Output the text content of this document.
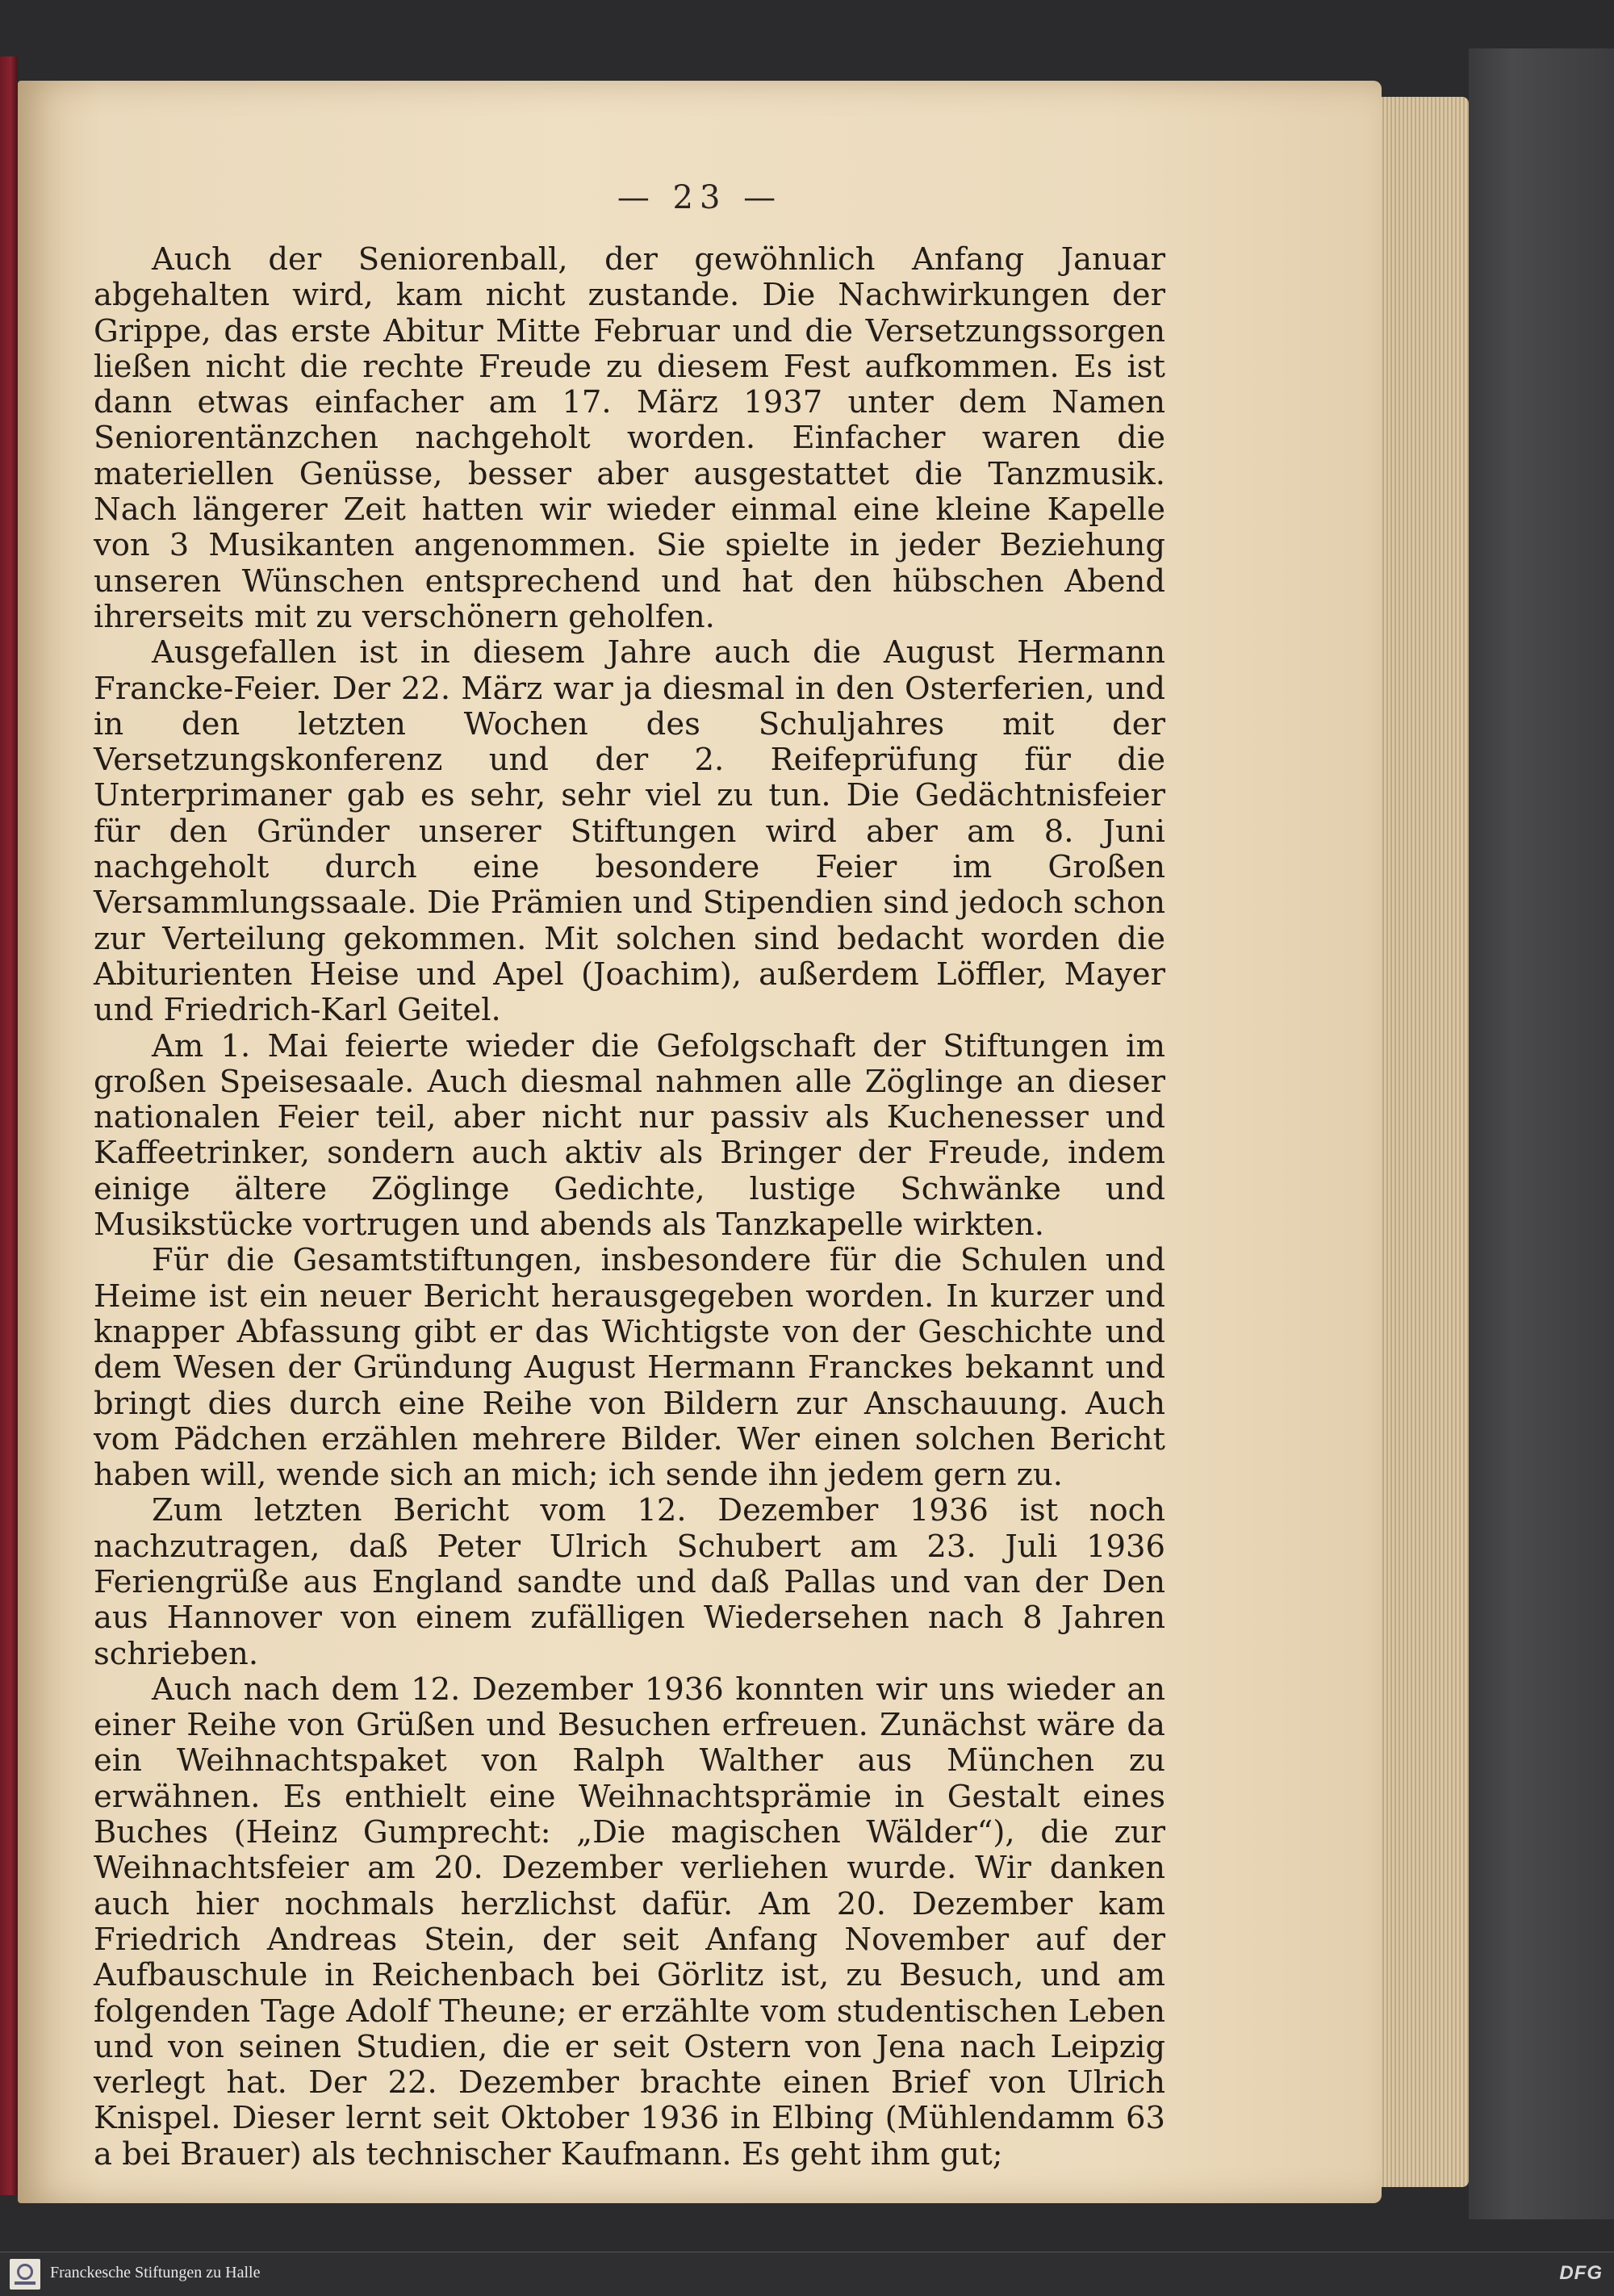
— 23 —

Auch der Seniorenball, der gewöhnlich Anfang Januar abgehalten wird, kam nicht zustande. Die Nachwirkungen der Grippe, das erste Abitur Mitte Februar und die Versetzungssorgen ließen nicht die rechte Freude zu diesem Fest aufkommen. Es ist dann etwas einfacher am 17. März 1937 unter dem Namen Seniorentänzchen nachgeholt worden. Einfacher waren die materiellen Genüsse, besser aber ausgestattet die Tanzmusik. Nach längerer Zeit hatten wir wieder einmal eine kleine Kapelle von 3 Musikanten angenommen. Sie spielte in jeder Beziehung unseren Wünschen entsprechend und hat den hübschen Abend ihrerseits mit zu verschönern geholfen.

Ausgefallen ist in diesem Jahre auch die August Hermann Francke-Feier. Der 22. März war ja diesmal in den Osterferien, und in den letzten Wochen des Schuljahres mit der Versetzungskonferenz und der 2. Reifeprüfung für die Unterprimaner gab es sehr, sehr viel zu tun. Die Gedächtnisfeier für den Gründer unserer Stiftungen wird aber am 8. Juni nachgeholt durch eine besondere Feier im Großen Versammlungssaale. Die Prämien und Stipendien sind jedoch schon zur Verteilung gekommen. Mit solchen sind bedacht worden die Abiturienten Heise und Apel (Joachim), außerdem Löffler, Mayer und Friedrich-Karl Geitel.

Am 1. Mai feierte wieder die Gefolgschaft der Stiftungen im großen Speisesaale. Auch diesmal nahmen alle Zöglinge an dieser nationalen Feier teil, aber nicht nur passiv als Kuchenesser und Kaffeetrinker, sondern auch aktiv als Bringer der Freude, indem einige ältere Zöglinge Gedichte, lustige Schwänke und Musikstücke vortrugen und abends als Tanzkapelle wirkten.

Für die Gesamtstiftungen, insbesondere für die Schulen und Heime ist ein neuer Bericht herausgegeben worden. In kurzer und knapper Abfassung gibt er das Wichtigste von der Geschichte und dem Wesen der Gründung August Hermann Franckes bekannt und bringt dies durch eine Reihe von Bildern zur Anschauung. Auch vom Pädchen erzählen mehrere Bilder. Wer einen solchen Bericht haben will, wende sich an mich; ich sende ihn jedem gern zu.

Zum letzten Bericht vom 12. Dezember 1936 ist noch nachzutragen, daß Peter Ulrich Schubert am 23. Juli 1936 Feriengrüße aus England sandte und daß Pallas und van der Den aus Hannover von einem zufälligen Wiedersehen nach 8 Jahren schrieben.

Auch nach dem 12. Dezember 1936 konnten wir uns wieder an einer Reihe von Grüßen und Besuchen erfreuen. Zunächst wäre da ein Weihnachtspaket von Ralph Walther aus München zu erwähnen. Es enthielt eine Weihnachtsprämie in Gestalt eines Buches (Heinz Gumprecht: „Die magischen Wälder“), die zur Weihnachtsfeier am 20. Dezember verliehen wurde. Wir danken auch hier nochmals herzlichst dafür. Am 20. Dezember kam Friedrich Andreas Stein, der seit Anfang November auf der Aufbauschule in Reichenbach bei Görlitz ist, zu Besuch, und am folgenden Tage Adolf Theune; er erzählte vom studentischen Leben und von seinen Studien, die er seit Ostern von Jena nach Leipzig verlegt hat. Der 22. Dezember brachte einen Brief von Ulrich Knispel. Dieser lernt seit Oktober 1936 in Elbing (Mühlendamm 63 a bei Brauer) als technischer Kaufmann. Es geht ihm gut;

Franckesche Stiftungen zu Halle	DFG
